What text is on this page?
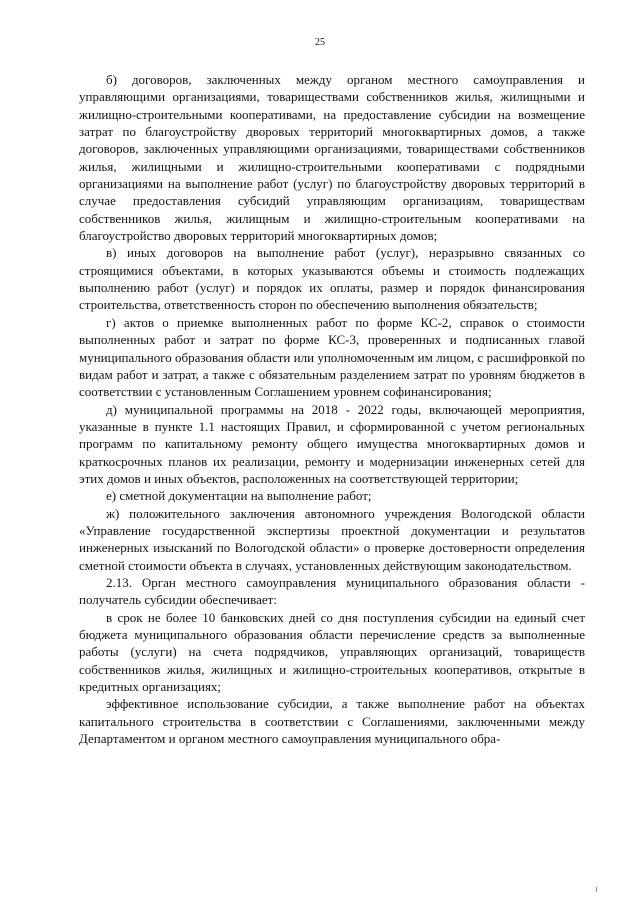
25

б) договоров, заключенных между органом местного самоуправления и управляющими организациями, товариществами собственников жилья, жилищными и жилищно-строительными кооперативами, на предоставление субсидии на возмещение затрат по благоустройству дворовых территорий многоквартирных домов, а также договоров, заключенных управляющими организациями, товариществами собственников жилья, жилищными и жилищно-строительными кооперативами с подрядными организациями на выполнение работ (услуг) по благоустройству дворовых территорий в случае предоставления субсидий управляющим организациям, товариществам собственников жилья, жилищным и жилищно-строительным кооперативами на благоустройство дворовых территорий многоквартирных домов;

в) иных договоров на выполнение работ (услуг), неразрывно связанных со строящимися объектами, в которых указываются объемы и стоимость подлежащих выполнению работ (услуг) и порядок их оплаты, размер и порядок финансирования строительства, ответственность сторон по обеспечению выполнения обязательств;

г) актов о приемке выполненных работ по форме КС-2, справок о стоимости выполненных работ и затрат по форме КС-3, проверенных и подписанных главой муниципального образования области или уполномоченным им лицом, с расшифровкой по видам работ и затрат, а также с обязательным разделением затрат по уровням бюджетов в соответствии с установленным Соглашением уровнем софинансирования;

д) муниципальной программы на 2018 - 2022 годы, включающей мероприятия, указанные в пункте 1.1 настоящих Правил, и сформированной с учетом региональных программ по капитальному ремонту общего имущества многоквартирных домов и краткосрочных планов их реализации, ремонту и модернизации инженерных сетей для этих домов и иных объектов, расположенных на соответствующей территории;

е) сметной документации на выполнение работ;

ж) положительного заключения автономного учреждения Вологодской области «Управление государственной экспертизы проектной документации и результатов инженерных изысканий по Вологодской области» о проверке достоверности определения сметной стоимости объекта в случаях, установленных действующим законодательством.

2.13. Орган местного самоуправления муниципального образования области - получатель субсидии обеспечивает:

в срок не более 10 банковских дней со дня поступления субсидии на единый счет бюджета муниципального образования области перечисление средств за выполненные работы (услуги) на счета подрядчиков, управляющих организаций, товариществ собственников жилья, жилищных и жилищно-строительных кооперативов, открытые в кредитных организациях;

эффективное использование субсидии, а также выполнение работ на объектах капитального строительства в соответствии с Соглашениями, заключенными между Департаментом и органом местного самоуправления муниципального обра-
